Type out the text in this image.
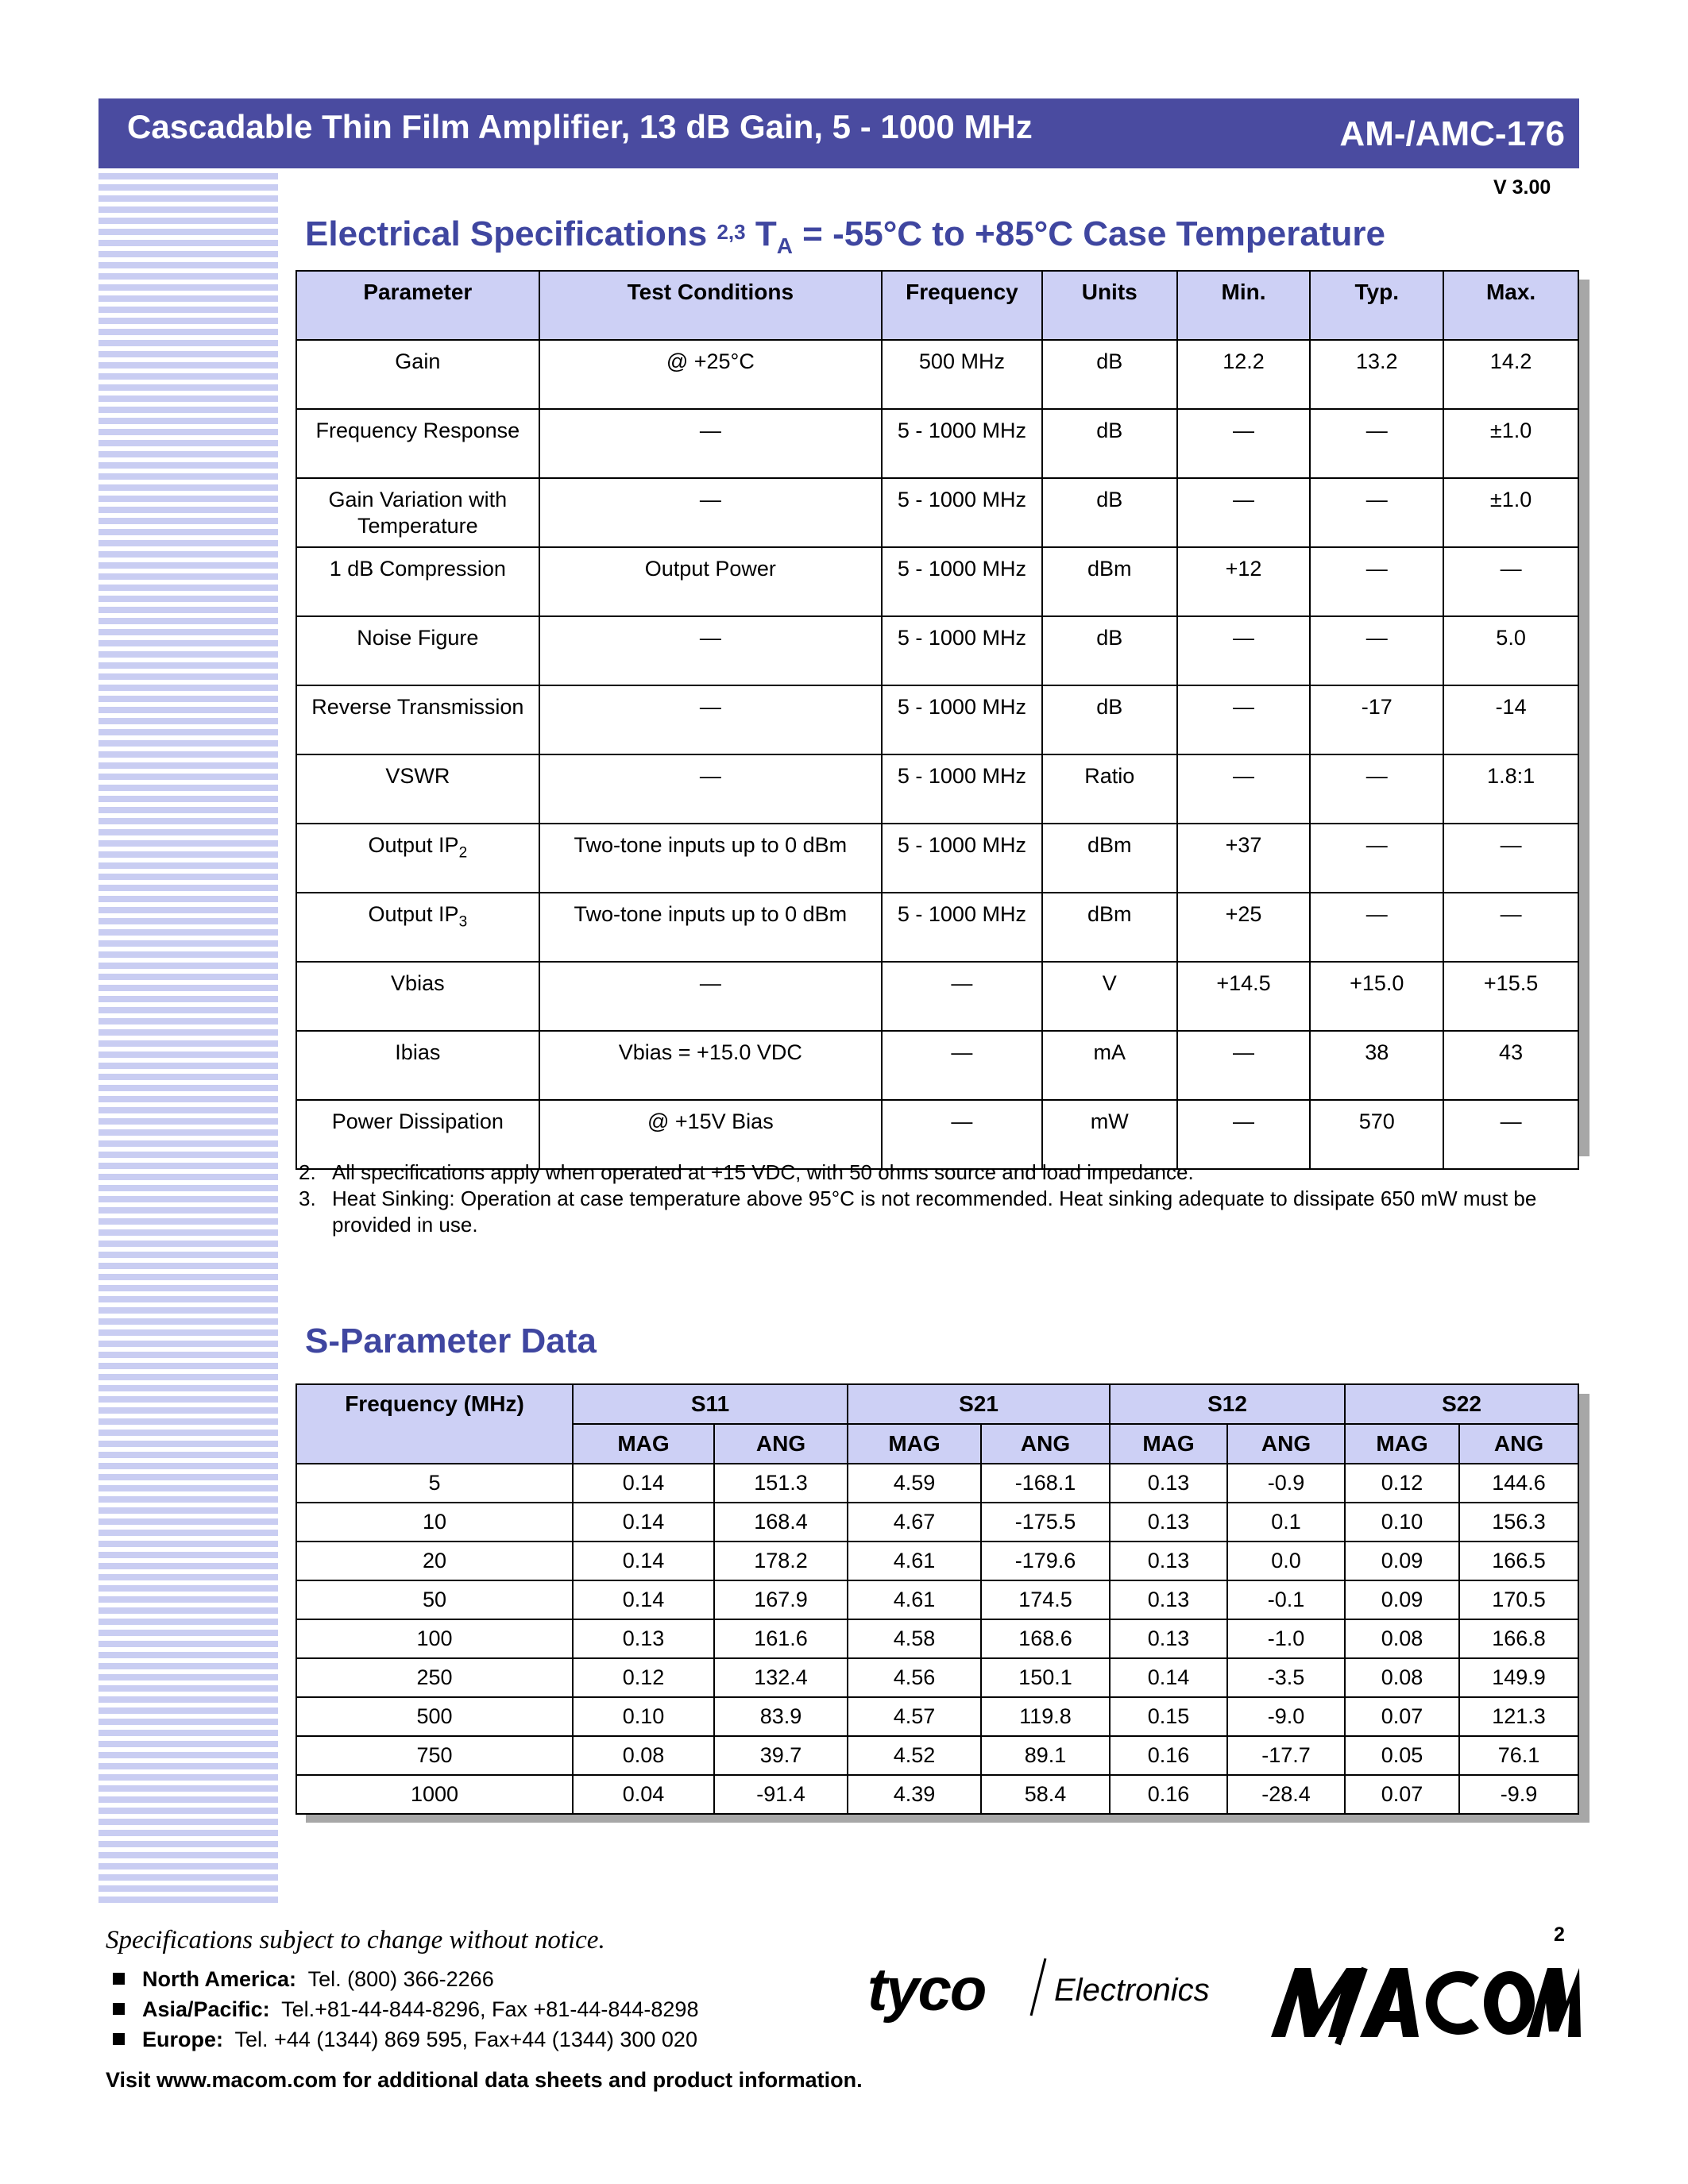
Cascadable Thin Film Amplifier, 13 dB Gain, 5 - 1000 MHz	AM-/AMC-176
V 3.00
Electrical Specifications $^{2,3}$ $T_A = -55^\circ C$ to +85°C Case Temperature
Parameter	Test Conditions	Frequency	Units	Min.	Typ.	Max.
Gain	@ +25°C	500 MHz	dB	12.2	13.2	14.2
Frequency Response	—	5 - 1000 MHz	dB	—	—	±1.0
Gain Variation with Temperature	—	5 - 1000 MHz	dB	—	—	±1.0
1 dB Compression	Output Power	5 - 1000 MHz	dBm	+12	—	—
Noise Figure	—	5 - 1000 MHz	dB	—	—	5.0
Reverse Transmission	—	5 - 1000 MHz	dB	—	-17	-14
VSWR	—	5 - 1000 MHz	Ratio	—	—	1.8:1
Output $IP_2$	Two-tone inputs up to 0 dBm	5 - 1000 MHz	dBm	+37	—	—
Output $IP_3$	Two-tone inputs up to 0 dBm	5 - 1000 MHz	dBm	+25	—	—
Vbias	—	—	V	+14.5	+15.0	+15.5
Ibias	Vbias = +15.0 VDC	—	mA	—	38	43
Power Dissipation	@ +15V Bias	—	mW	—	570	—
2. All specifications apply when operated at +15 VDC, with 50 ohms source and load impedance.
3. Heat Sinking: Operation at case temperature above 95°C is not recommended. Heat sinking adequate to dissipate 650 mW must be provided in use.
S-Parameter Data
Frequency (MHz)	S11		S21		S12		S22	
	MAG	ANG	MAG	ANG	MAG	ANG	MAG	ANG
5	0.14	151.3	4.59	-168.1	0.13	-0.9	0.12	144.6
10	0.14	168.4	4.67	-175.5	0.13	0.1	0.10	156.3
20	0.14	178.2	4.61	-179.6	0.13	0.0	0.09	166.5
50	0.14	167.9	4.61	174.5	0.13	-0.1	0.09	170.5
100	0.13	161.6	4.58	168.6	0.13	-1.0	0.08	166.8
250	0.12	132.4	4.56	150.1	0.14	-3.5	0.08	149.9
500	0.10	83.9	4.57	119.8	0.15	-9.0	0.07	121.3
750	0.08	39.7	4.52	89.1	0.16	-17.7	0.05	76.1
1000	0.04	-91.4	4.39	58.4	0.16	-28.4	0.07	-9.9
Specifications subject to change without notice.	2
North America: Tel. (800) 366-2266
Asia/Pacific: Tel.+81-44-844-8296, Fax +81-44-844-8298
Europe: Tel. +44 (1344) 869 595, Fax+44 (1344) 300 020
Visit www.macom.com for additional data sheets and product information.
tyco Electronics
